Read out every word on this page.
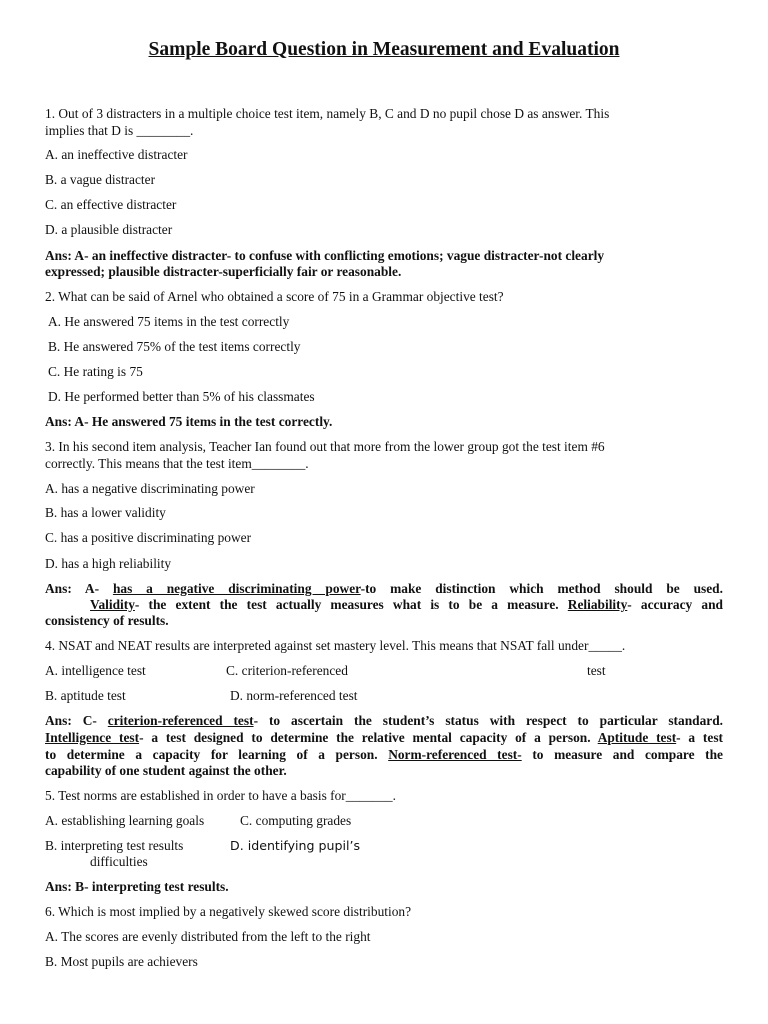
Sample Board Question in Measurement and Evaluation
1. Out of 3 distracters in a multiple choice test item, namely B, C and D no pupil chose D as answer. This
implies that D is ________.
A. an ineffective distracter
B. a vague distracter
C. an effective distracter
D. a plausible distracter
Ans: A- an ineffective distracter- to confuse with conflicting emotions; vague distracter-not clearly
expressed; plausible distracter-superficially fair or reasonable.
2. What can be said of Arnel who obtained a score of 75 in a Grammar objective test?
A. He answered 75 items in the test correctly
B. He answered 75% of the test items correctly
C. He rating is 75
D. He performed better than 5% of his classmates
Ans: A- He answered 75 items in the test correctly.
3. In his second item analysis, Teacher Ian found out that more from the lower group got the test item #6
correctly. This means that the test item________.
A. has a negative discriminating power
B. has a lower validity
C. has a positive discriminating power
D. has a high reliability
Ans: A- has a negative discriminating power-to make distinction which method should be used.
Validity- the extent the test actually measures what is to be a measure. Reliability- accuracy and
consistency of results.
4. NSAT and NEAT results are interpreted against set mastery level. This means that NSAT fall under_____.
A. intelligence test	C. criterion-referenced	test
B. aptitude test	D. norm-referenced test
Ans: C- criterion-referenced test- to ascertain the student’s status with respect to particular standard.
Intelligence test- a test designed to determine the relative mental capacity of a person. Aptitude test- a test
to determine a capacity for learning of a person. Norm-referenced test- to measure and compare the
capability of one student against the other.
5. Test norms are established in order to have a basis for_______.
A. establishing learning goals	C. computing grades
B. interpreting test results	D. identifying pupil’s
difficulties
Ans: B- interpreting test results.
6. Which is most implied by a negatively skewed score distribution?
A. The scores are evenly distributed from the left to the right
B. Most pupils are achievers
